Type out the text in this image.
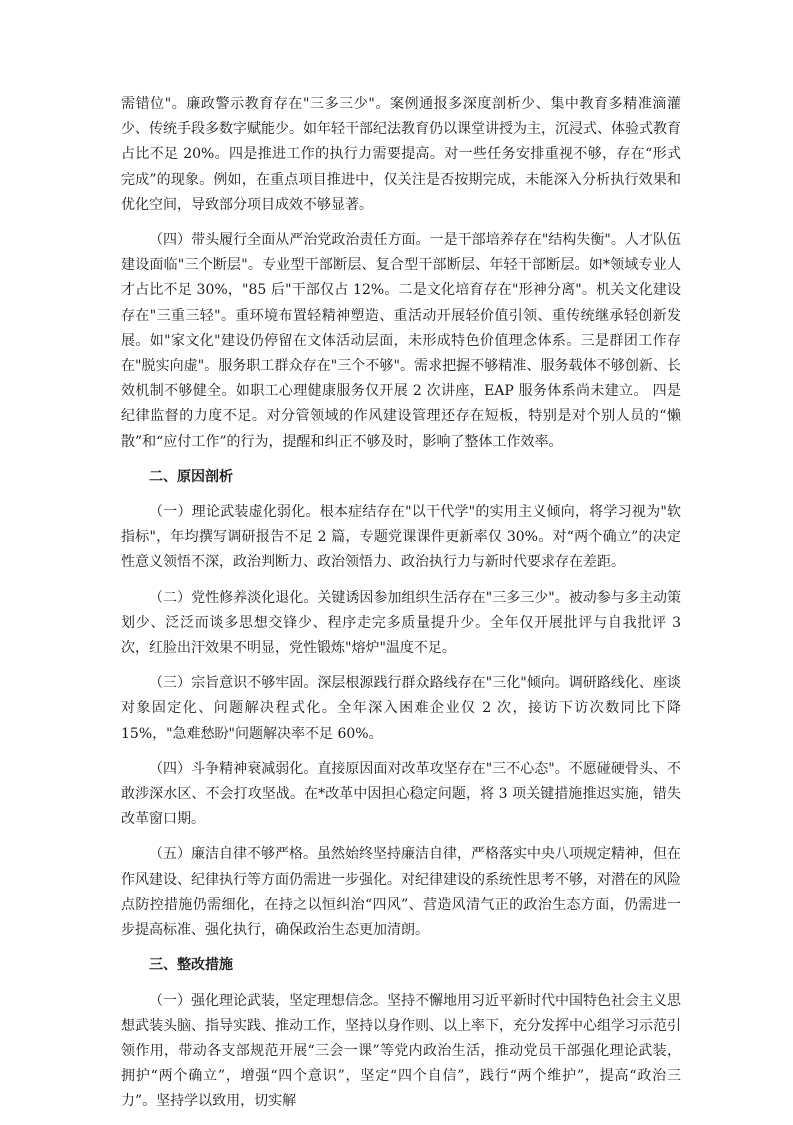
需错位"。廉政警示教育存在"三多三少"。案例通报多深度剖析少、集中教育多精准滴灌少、传统手段多数字赋能少。如年轻干部纪法教育仍以课堂讲授为主，沉浸式、体验式教育占比不足 20%。四是推进工作的执行力需要提高。对一些任务安排重视不够，存在“形式完成”的现象。例如，在重点项目推进中，仅关注是否按期完成，未能深入分析执行效果和优化空间，导致部分项目成效不够显著。

（四）带头履行全面从严治党政治责任方面。一是干部培养存在"结构失衡"。人才队伍建设面临"三个断层"。专业型干部断层、复合型干部断层、年轻干部断层。如*领域专业人才占比不足 30%，"85 后"干部仅占 12%。二是文化培育存在"形神分离"。机关文化建设存在"三重三轻"。重环境布置轻精神塑造、重活动开展轻价值引领、重传统继承轻创新发展。如"家文化"建设仍停留在文体活动层面，未形成特色价值理念体系。三是群团工作存在"脱实向虚"。服务职工群众存在"三个不够"。需求把握不够精准、服务载体不够创新、长效机制不够健全。如职工心理健康服务仅开展 2 次讲座，EAP 服务体系尚未建立。 四是纪律监督的力度不足。对分管领域的作风建设管理还存在短板，特别是对个别人员的“懒散”和“应付工作”的行为，提醒和纠正不够及时，影响了整体工作效率。

二、原因剖析

（一）理论武装虚化弱化。根本症结存在"以干代学"的实用主义倾向，将学习视为"软指标"，年均撰写调研报告不足 2 篇，专题党课课件更新率仅 30%。对“两个确立”的决定性意义领悟不深，政治判断力、政治领悟力、政治执行力与新时代要求存在差距。

（二）党性修养淡化退化。关键诱因参加组织生活存在"三多三少"。被动参与多主动策划少、泛泛而谈多思想交锋少、程序走完多质量提升少。全年仅开展批评与自我批评 3 次，红脸出汗效果不明显，党性锻炼"熔炉"温度不足。

（三）宗旨意识不够牢固。深层根源践行群众路线存在"三化"倾向。调研路线化、座谈对象固定化、问题解决程式化。全年深入困难企业仅 2 次，接访下访次数同比下降 15%，"急难愁盼"问题解决率不足 60%。

（四）斗争精神衰减弱化。直接原因面对改革攻坚存在"三不心态"。不愿碰硬骨头、不敢涉深水区、不会打攻坚战。在*改革中因担心稳定问题，将 3 项关键措施推迟实施，错失改革窗口期。

（五）廉洁自律不够严格。虽然始终坚持廉洁自律，严格落实中央八项规定精神，但在作风建设、纪律执行等方面仍需进一步强化。对纪律建设的系统性思考不够，对潜在的风险点防控措施仍需细化，在持之以恒纠治“四风”、营造风清气正的政治生态方面，仍需进一步提高标准、强化执行，确保政治生态更加清朗。

三、整改措施

（一）强化理论武装，坚定理想信念。坚持不懈地用习近平新时代中国特色社会主义思想武装头脑、指导实践、推动工作，坚持以身作则、以上率下，充分发挥中心组学习示范引领作用，带动各支部规范开展“三会一课”等党内政治生活，推动党员干部强化理论武装，拥护“两个确立”，增强“四个意识”，坚定“四个自信”，践行“两个维护”，提高“政治三力”。坚持学以致用，切实解
